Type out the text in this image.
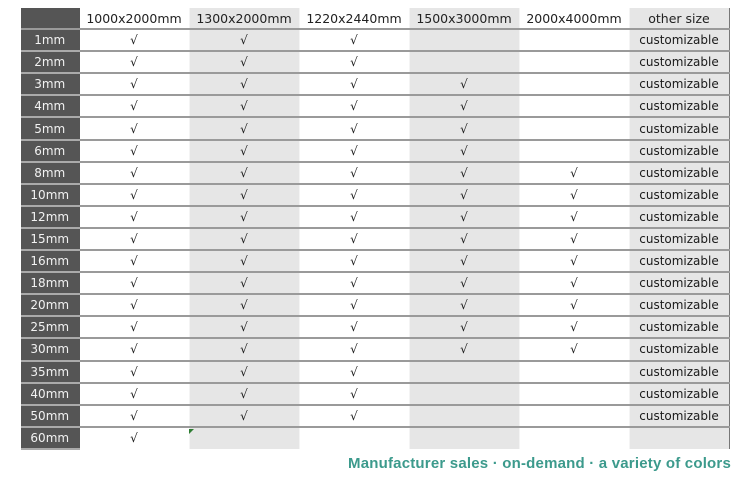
	1000x2000mm	1300x2000mm	1220x2440mm	1500x3000mm	2000x4000mm	other size
1mm	√	√	√			customizable
2mm	√	√	√			customizable
3mm	√	√	√	√		customizable
4mm	√	√	√	√		customizable
5mm	√	√	√	√		customizable
6mm	√	√	√	√		customizable
8mm	√	√	√	√	√	customizable
10mm	√	√	√	√	√	customizable
12mm	√	√	√	√	√	customizable
15mm	√	√	√	√	√	customizable
16mm	√	√	√	√	√	customizable
18mm	√	√	√	√	√	customizable
20mm	√	√	√	√	√	customizable
25mm	√	√	√	√	√	customizable
30mm	√	√	√	√	√	customizable
35mm	√	√	√			customizable
40mm	√	√	√			customizable
50mm	√	√	√			customizable
60mm	√					
Manufacturer sales · on-demand · a variety of colors
